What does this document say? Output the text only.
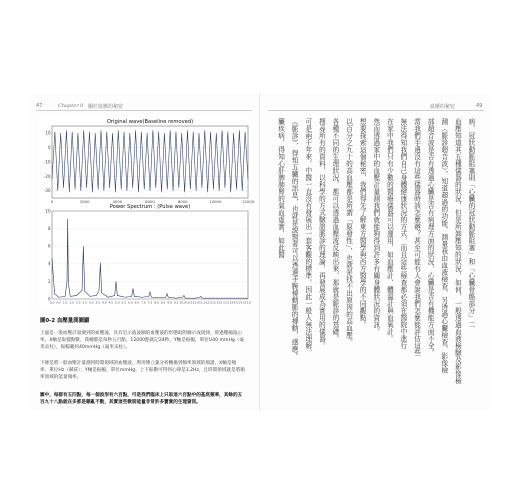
47	Chapter 0 關於血壓的秘密	血壓的秘密	49
Original wave(Baseline removed)
10
0
-10
-20
-30
0	2000	4000	6000	8000	10000	12000
Power Spectrum : (Pulse wave)
10
8
6
4
2
0
0.0 0.5 1.0 1.5 2.0 2.5 3.0 3.5 4.0 4.5 5.0 5.5 6.0 6.5 7.0 7.5 8.0 8.5 9.0 9.5 10.0 10.5 11.0 11.5 12.0 12.5 13.0 13.5 14.0 14.5 15.0
圖0-2 血壓量測圖顯

上風是一般血壓計量測到的血壓波，具有近示波波圖的血壓波的形態取附圖示成規律，經過壓縮波心率。X軸是取樣點數，我檢都是每秒五百點，12000點就記24秒，Y軸是振幅，單位U40 mmHg（毫米汞柱），振幅範約40mmHg（毫米汞柱）。

下條是將一般血壓計量測到時間領域的血壓波，利用傅立葉分析轉換到頻率領域的頻譜，X軸是頻率，單位Hz（赫茲）；Y軸是振幅，單位mmHg，上下振動可得到心律是1.2Hz，且時間領域就是將頻率領域的能量頻率。

圖中，每群有五四點，每一個波形有六百點，可是我們臨床上只取這六百點中的基底頻率，其餘的五百九十八點就在多都是雜亂不動，其實這些微弱能量非常許多寶貴的生理資訊。

病，冠狀動脈阻塞則「心臟的冠狀動脈阻塞」和「心臟骨骼部分」二
血壓知道其五種儀器的狀況，但是所卸壓知的狀況，如何，一般透過血液檢驗及影像檢
測（脈診超音波），知道超過的功能，測量我由血液檢查，另透過心臟檢查，影像檢
部超音波是否有透過心臟是否有病理方面的狀況，心臟是否有機能方面不全。
當我們手邊沒有這些儀器時該怎麼辦？甚至可能有人會說我們怎麼能評估這些
無法得知我們自己身體健康狀況的方式，而且這些檢查都必須在醫院中進行
在家中我們只有少數的醫療儀器可以運用，如血壓計、體溫計與血氧計。
然而透過家中的血壓計量測我們就能夠得到許多有關身體狀況的資訊。
想要探索這個秘密，我們得先了解東方醫學與西方醫學的不同觀點。
以百分之九十的高血壓都是所謂「原發性」，也就是找不出原因的高血壓。
各種不同的生理狀況，都可以透過血壓波反映出來，那就是脈診的基礎。
搜尋所有的資料，以科學的方式驗證脈診的理論，再發展成為實用的儀器。
可是兩千年來，中醫一直沒有發展出一套客觀的標準，因此一般人無法理解。
《脈診》，得知五臟的訊息，也就是說醫者可以透過手腕橈動脈的搏動，感應。
臟疾病，得知心肝脾肺腎的氣血虛實，如此醫
